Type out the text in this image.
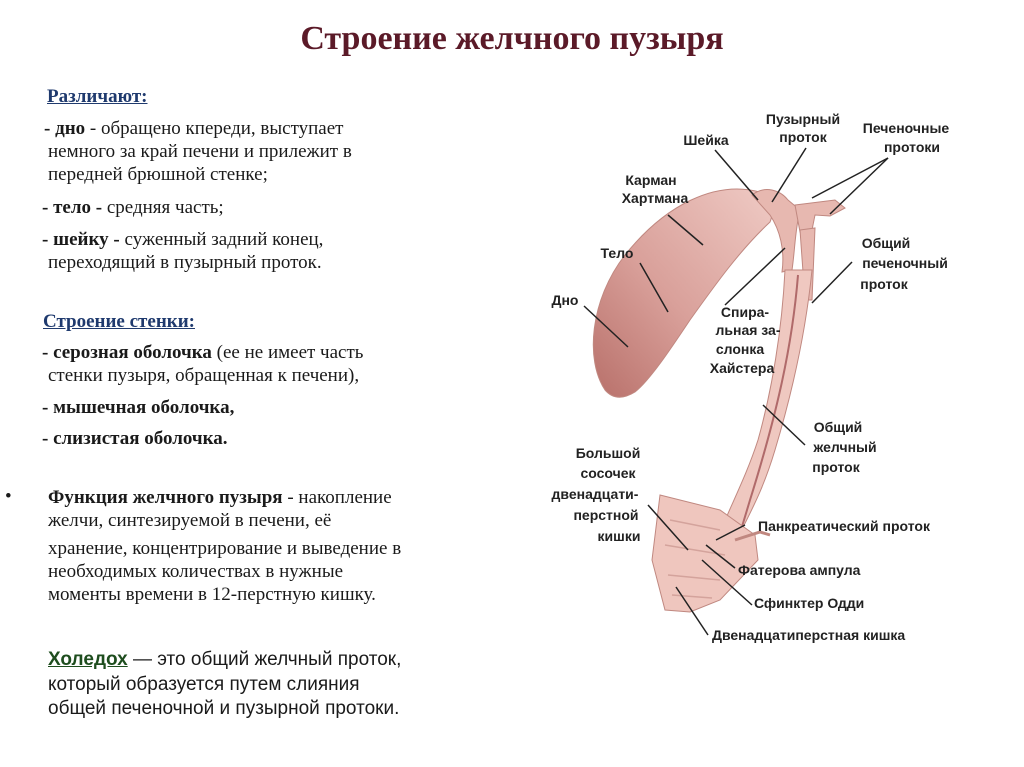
Строение желчного пузыря
Различают:
- дно - обращено кпереди, выступает
немного за край печени и прилежит в
передней брюшной стенке;
- тело - средняя часть;
- шейку - суженный задний конец,
переходящий в пузырный проток.
Строение стенки:
- серозная оболочка (ее не имеет часть
стенки пузыря, обращенная к печени),
- мышечная оболочка,
- слизистая оболочка.
• Функция желчного пузыря - накопление
желчи, синтезируемой в печени, её
хранение, концентрирование и выведение в
необходимых количествах в нужные
моменты времени в 12-перстную кишку.
Холедох — это общий желчный проток,
который образуется путем слияния
общей печеночной и пузырной протоки.
Шейка
Пузырный
проток
Печеночные
протоки
Карман
Хартмана
Тело
Общий
печеночный
проток
Дно
Спира-
льная за-
слонка
Хайстера
Общий
желчный
проток
Большой
сосочек
двенадцати-
перстной
кишки
Панкреатический проток
Фатерова ампула
Сфинктер Одди
Двенадцатиперстная кишка
